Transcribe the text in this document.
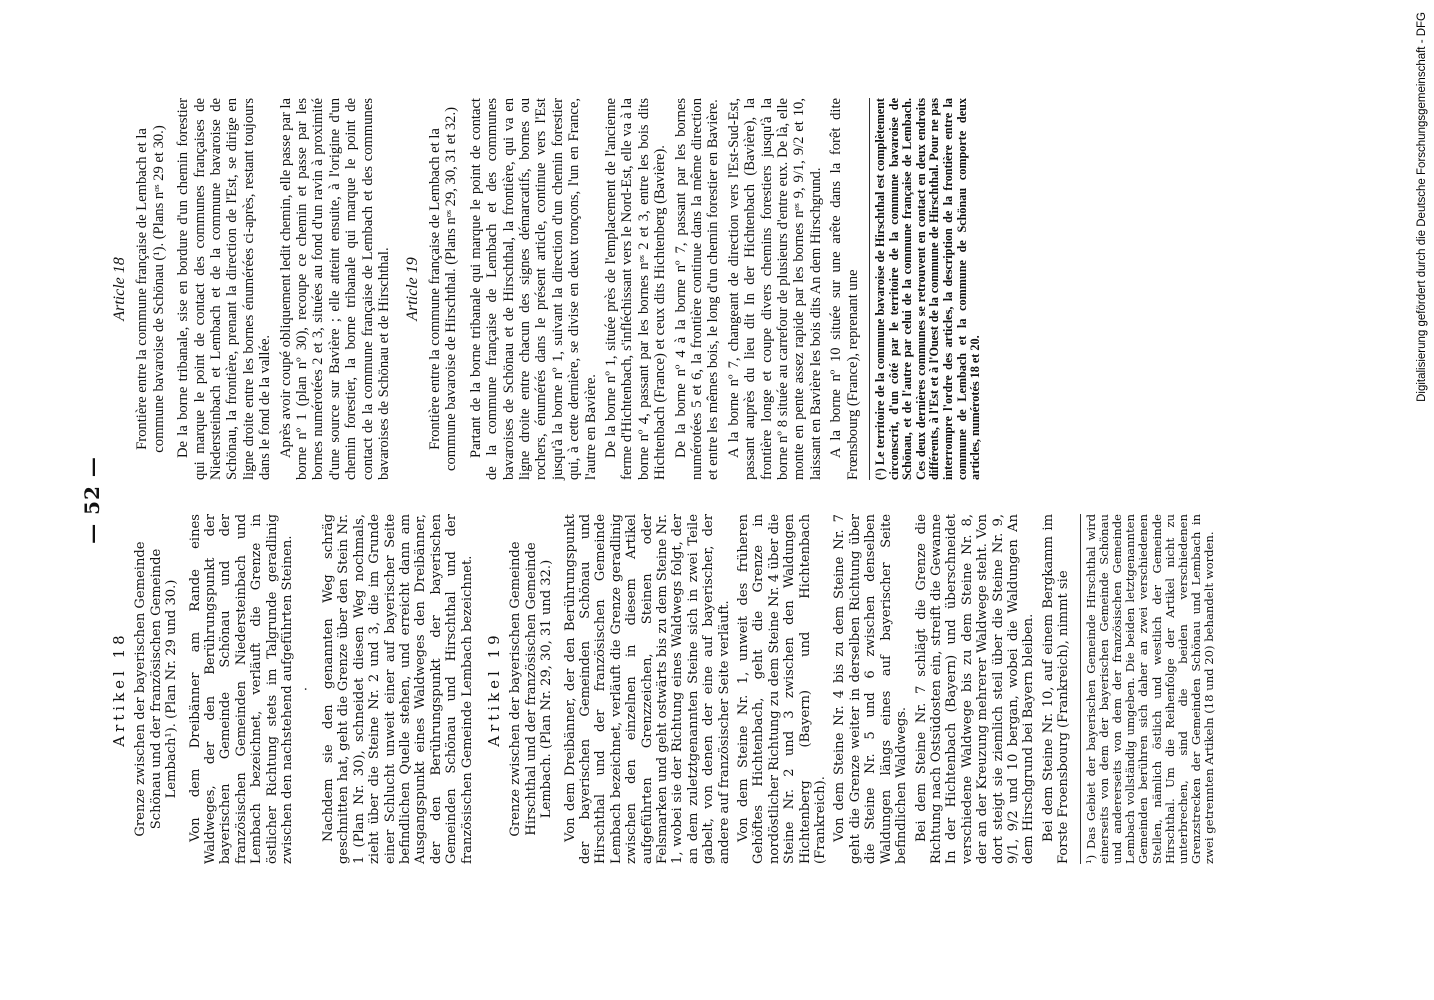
— 52 —
Artikel 18 Grenze zwischen der bayerischen Gemeinde Schönau und der französischen Gemeinde Lembach¹). (Plan Nr. 29 und 30.) Von dem Dreibänner am Rande eines Waldweges, der den Berührungspunkt der bayerischen Gemeinde Schönau und der französischen Gemeinden Niedersteinbach und Lembach bezeichnet, verläuft die Grenze in östlicher Richtung stets im Talgrunde geradlinig zwischen den nachstehend aufgeführten Steinen. · Nachdem sie den genannten Weg schräg geschnitten hat, geht die Grenze über den Stein Nr. 1 (Plan Nr. 30), schneidet diesen Weg nochmals, zieht über die Steine Nr. 2 und 3, die im Grunde einer Schlucht unweit einer auf bayerischer Seite befindlichen Quelle stehen, und erreicht dann am Ausgangspunkt eines Waldweges den Dreibänner, der den Berührungspunkt der bayerischen Gemeinden Schönau und Hirschthal und der französischen Gemeinde Lembach bezeichnet. Artikel 19 Grenze zwischen der bayerischen Gemeinde Hirschthal und der französischen Gemeinde Lembach. (Plan Nr. 29, 30, 31 und 32.) Von dem Dreibänner, der den Berührungspunkt der bayerischen Gemeinden Schönau und Hirschthal und der französischen Gemeinde Lembach bezeichnet, verläuft die Grenze geradlinig zwischen den einzelnen in diesem Artikel aufgeführten Grenzzeichen, Steinen oder Felsmarken und geht ostwärts bis zu dem Steine Nr. 1, wobei sie der Richtung eines Waldwegs folgt, der an dem zuletztgenannten Steine sich in zwei Teile gabelt, von denen der eine auf bayerischer, der andere auf französischer Seite verläuft. Von dem Steine Nr. 1, unweit des früheren Gehöftes Hichtenbach, geht die Grenze in nordöstlicher Richtung zu dem Steine Nr. 4 über die Steine Nr. 2 und 3 zwischen den Waldungen Hichtenberg (Bayern) und Hichtenbach (Frankreich). Von dem Steine Nr. 4 bis zu dem Steine Nr. 7 geht die Grenze weiter in derselben Richtung über die Steine Nr. 5 und 6 zwischen denselben Waldungen längs eines auf bayerischer Seite befindlichen Waldwegs. Bei dem Steine Nr. 7 schlägt die Grenze die Richtung nach Ostsüdosten ein, streift die Gewanne In der Hichtenbach (Bayern) und überschneidet verschiedene Waldwege bis zu dem Steine Nr. 8, der an der Kreuzung mehrerer Waldwege steht. Von dort steigt sie ziemlich steil über die Steine Nr. 9, 9/1, 9/2 und 10 bergan, wobei die Waldungen An dem Hirschgrund bei Bayern bleiben. Bei dem Steine Nr. 10, auf einem Bergkamm im Forste Froensbourg (Frankreich), nimmt sie	¹) Das Gebiet der bayerischen Gemeinde Hirschthal wird einerseits von dem der bayerischen Gemeinde Schönau und andererseits von dem der französischen Gemeinde Lembach vollständig umgeben. Die beiden letztgenannten Gemeinden berühren sich daher an zwei verschiedenen Stellen, nämlich östlich und westlich der Gemeinde Hirschthal. Um die Reihenfolge der Artikel nicht zu unterbrechen, sind die beiden verschiedenen Grenzstrecken der Gemeinden Schönau und Lembach in zwei getrennten Artikeln (18 und 20) behandelt worden.
Article 18 Frontière entre la commune française de Lembach et la commune bavaroise de Schönau (¹). (Plans nᵒˢ 29 et 30.) De la borne tribanale, sise en bordure d'un chemin forestier qui marque le point de contact des communes françaises de Niedersteinbach et Lembach et de la commune bavaroise de Schönau, la frontière, prenant la direction de l'Est, se dirige en ligne droite entre les bornes énumérées ci-après, restant toujours dans le fond de la vallée. Après avoir coupé obliquement ledit chemin, elle passe par la borne nº 1 (plan nº 30), recoupe ce chemin et passe par les bornes numérotées 2 et 3, situées au fond d'un ravin à proximité d'une source sur Bavière ; elle atteint ensuite, à l'origine d'un chemin forestier, la borne tribanale qui marque le point de contact de la commune française de Lembach et des communes bavaroises de Schönau et de Hirschthal. Article 19 Frontière entre la commune française de Lembach et la commune bavaroise de Hirschthal. (Plans nᵒˢ 29, 30, 31 et 32.) Partant de la borne tribanale qui marque le point de contact de la commune française de Lembach et des communes bavaroises de Schönau et de Hirschthal, la frontière, qui va en ligne droite entre chacun des signes démarcatifs, bornes ou rochers, énumérés dans le présent article, continue vers l'Est jusqu'à la borne nº 1, suivant la direction d'un chemin forestier qui, à cette dernière, se divise en deux tronçons, l'un en France, l'autre en Bavière. De la borne nº 1, située près de l'emplacement de l'ancienne ferme d'Hichtenbach, s'infléchissant vers le Nord-Est, elle va à la borne nº 4, passant par les bornes nᵒˢ 2 et 3, entre les bois dits Hichtenbach (France) et ceux dits Hichtenberg (Bavière). De la borne nº 4 à la borne nº 7, passant par les bornes numérotées 5 et 6, la frontière continue dans la même direction et entre les mêmes bois, le long d'un chemin forestier en Bavière. A la borne nº 7, changeant de direction vers l'Est-Sud-Est, passant auprès du lieu dit In der Hichtenbach (Bavière), la frontière longe et coupe divers chemins forestiers jusqu'à la borne nº 8 située au carrefour de plusieurs d'entre eux. De là, elle monte en pente assez rapide par les bornes nᵒˢ 9, 9/1, 9/2 et 10, laissant en Bavière les bois dits An dem Hirschgrund. A la borne nº 10 située sur une arête dans la forêt dite Frœnsbourg (France), reprenant une	(¹) Le territoire de la commune bavaroise de Hirschthal est complètement circonscrit, d'un côté par le territoire de la commune bavaroise de Schönau, et de l'autre par celui de la commune française de Lembach. Ces deux dernières communes se retrouvent en contact en deux endroits différents, à l'Est et à l'Ouest de la commune de Hirschthal. Pour ne pas interrompre l'ordre des articles, la description de la frontière entre la commune de Lembach et la commune de Schönau comporte deux articles, numérotés 18 et 20.
Digitalisierung gefördert durch die Deutsche Forschungsgemeinschaft - DFG
